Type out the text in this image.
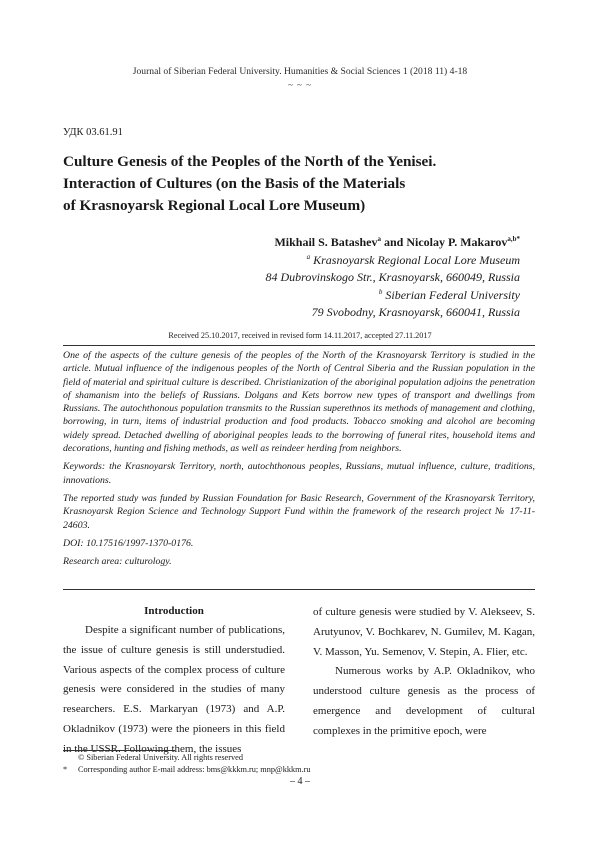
Journal of Siberian Federal University. Humanities & Social Sciences 1 (2018 11) 4-18
~ ~ ~
УДК 03.61.91
Culture Genesis of the Peoples of the North of the Yenisei.
Interaction of Cultures (on the Basis of the Materials
of Krasnoyarsk Regional Local Lore Museum)
Mikhail S. Batashev$^a$ and Nicolay P. Makarov$^{a,b*}$
$^a$ Krasnoyarsk Regional Local Lore Museum
84 Dubrovinskogo Str., Krasnoyarsk, 660049, Russia
$^b$ Siberian Federal University
79 Svobodny, Krasnoyarsk, 660041, Russia
Received 25.10.2017, received in revised form 14.11.2017, accepted 27.11.2017

One of the aspects of the culture genesis of the peoples of the North of the Krasnoyarsk Territory is studied in the article. Mutual influence of the indigenous peoples of the North of Central Siberia and the Russian population in the field of material and spiritual culture is described. Christianization of the aboriginal population adjoins the penetration of shamanism into the beliefs of Russians. Dolgans and Kets borrow new types of transport and dwellings from Russians. The autochthonous population transmits to the Russian superethnos its methods of management and clothing, borrowing, in turn, items of industrial production and food products. Tobacco smoking and alcohol are becoming widely spread. Detached dwelling of aboriginal peoples leads to the borrowing of funeral rites, household items and decorations, hunting and fishing methods, as well as reindeer herding from neighbors.

Keywords: the Krasnoyarsk Territory, north, autochthonous peoples, Russians, mutual influence, culture, traditions, innovations.

The reported study was funded by Russian Foundation for Basic Research, Government of the Krasnoyarsk Territory, Krasnoyarsk Region Science and Technology Support Fund within the framework of the research project № 17-11-24603.

DOI: 10.17516/1997-1370-0176.

Research area: culturology.

Introduction

Despite a significant number of publications, the issue of culture genesis is still understudied. Various aspects of the complex process of culture genesis were considered in the studies of many researchers. E.S. Markaryan (1973) and A.P. Okladnikov (1973) were the pioneers in this field in the USSR. Following them, the issues

of culture genesis were studied by V. Alekseev, S. Arutyunov, V. Bochkarev, N. Gumilev, M. Kagan, V. Masson, Yu. Semenov, V. Stepin, A. Flier, etc.

Numerous works by A.P. Okladnikov, who understood culture genesis as the process of emergence and development of cultural complexes in the primitive epoch, were

© Siberian Federal University. All rights reserved
* Corresponding author E-mail address: bms@kkkm.ru; mnp@kkkm.ru
– 4 –
